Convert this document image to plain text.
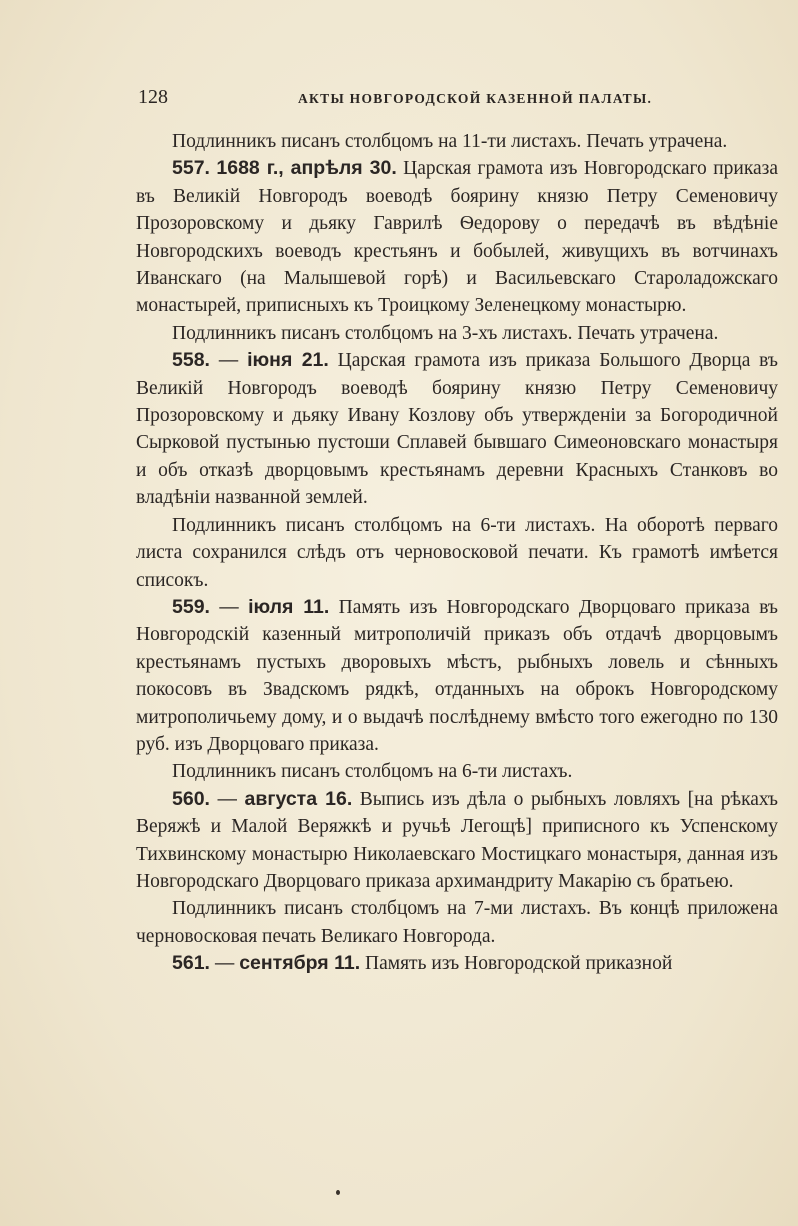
128	АКТЫ НОВГОРОДСКОЙ КАЗЕННОЙ ПАЛАТЫ.

Подлинникъ писанъ столбцомъ на 11-ти листахъ. Печать утрачена.

557. 1688 г., апрѣля 30. Царская грамота изъ Новгородскаго приказа въ Великій Новгородъ воеводѣ боярину князю Петру Семеновичу Прозоровскому и дьяку Гаврилѣ Ѳедорову о передачѣ въ вѣдѣніе Новгородскихъ воеводъ крестьянъ и бобылей, живущихъ въ вотчинахъ Иванскаго (на Малышевой горѣ) и Васильевскаго Староладожскаго монастырей, приписныхъ къ Троицкому Зеленецкому монастырю.

Подлинникъ писанъ столбцомъ на 3-хъ листахъ. Печать утрачена.

558. — іюня 21. Царская грамота изъ приказа Большого Дворца въ Великій Новгородъ воеводѣ боярину князю Петру Семеновичу Прозоровскому и дьяку Ивану Козлову объ утвержденіи за Богородичной Сырковой пустынью пустоши Сплавей бывшаго Симеоновскаго монастыря и объ отказѣ дворцовымъ крестьянамъ деревни Красныхъ Станковъ во владѣніи названной землей.

Подлинникъ писанъ столбцомъ на 6-ти листахъ. На оборотѣ перваго листа сохранился слѣдъ отъ черновосковой печати. Къ грамотѣ имѣется списокъ.

559. — іюля 11. Память изъ Новгородскаго Дворцоваго приказа въ Новгородскій казенный митрополичій приказъ объ отдачѣ дворцовымъ крестьянамъ пустыхъ дворовыхъ мѣстъ, рыбныхъ ловель и сѣнныхъ покосовъ въ Звадскомъ рядкѣ, отданныхъ на оброкъ Новгородскому митрополичьему дому, и о выдачѣ послѣднему вмѣсто того ежегодно по 130 руб. изъ Дворцоваго приказа.

Подлинникъ писанъ столбцомъ на 6-ти листахъ.

560. — августа 16. Выпись изъ дѣла о рыбныхъ ловляхъ [на рѣкахъ Веряжѣ и Малой Веряжкѣ и ручьѣ Легощѣ] приписного къ Успенскому Тихвинскому монастырю Николаевскаго Мостицкаго монастыря, данная изъ Новгородскаго Дворцоваго приказа архимандриту Макарію съ братьею.

Подлинникъ писанъ столбцомъ на 7-ми листахъ. Въ концѣ приложена черновосковая печать Великаго Новгорода.

561. — сентября 11. Память изъ Новгородской приказной
